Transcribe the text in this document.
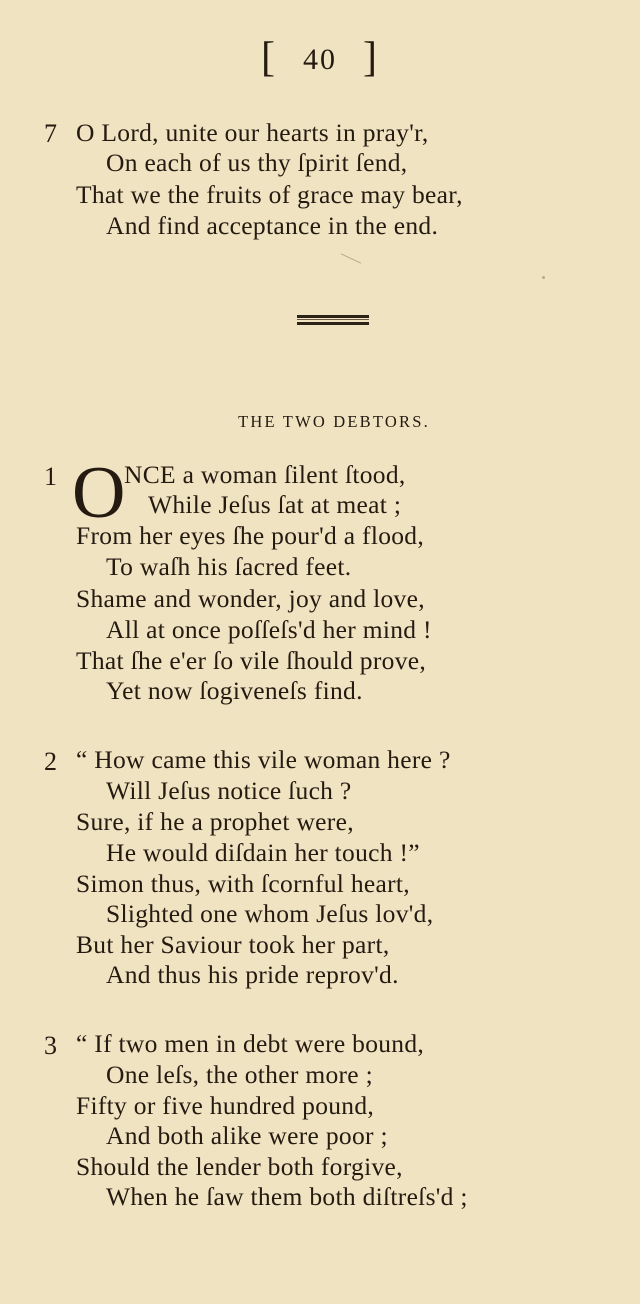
[ 40 ]
7 O Lord, unite our hearts in pray'r,
On each of us thy ſpirit ſend,
That we the fruits of grace may bear,
And find acceptance in the end.
THE TWO DEBTORS.
1 O
NCE a woman ſilent ſtood,
While Jeſus ſat at meat ;
From her eyes ſhe pour'd a flood,
To waſh his ſacred feet.
Shame and wonder, joy and love,
All at once poſſeſs'd her mind !
That ſhe e'er ſo vile ſhould prove,
Yet now ſogiveneſs find.
2 “ How came this vile woman here ?
Will Jeſus notice ſuch ?
Sure, if he a prophet were,
He would diſdain her touch !”
Simon thus, with ſcornful heart,
Slighted one whom Jeſus lov'd,
But her Saviour took her part,
And thus his pride reprov'd.
3 “ If two men in debt were bound,
One leſs, the other more ;
Fifty or five hundred pound,
And both alike were poor ;
Should the lender both forgive,
When he ſaw them both diſtreſs'd ;
